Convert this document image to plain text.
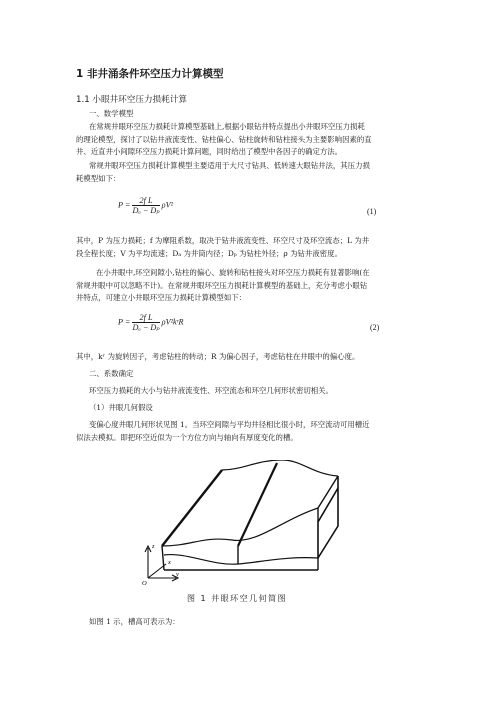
1 非井涌条件环空压力计算模型
1.1 小眼井环空压力损耗计算
一、数学模型
在常规井眼环空压力损耗计算模型基础上,根据小眼钻井特点提出小井眼环空压力损耗
的理论模型，探讨了以钻井液流变性、钻柱偏心、钻柱旋转和钻柱接头为主要影响因素的直
井、近直井小间隙环空压力损耗计算问题，同时给出了模型中各因子的确定方法。
常规井眼环空压力损耗计算模型主要适用于大尺寸钻具、低转速大眼钻井法，其压力损
耗模型如下：
$P = \frac{\text{2f L}}{\text{Dₐ − Dₚ}} \rho V^2$
(1)
其中，P 为压力损耗；f 为摩阻系数，取决于钻井液流变性、环空尺寸及环空流态；L 为井
段全程长度；V 为平均流速；Dₐ 为井筒内径；Dₚ 为钻柱外径；ρ 为钻井液密度。
在小井眼中,环空间隙小,钻柱的偏心、旋转和钻柱接头对环空压力损耗有显著影响(在
常规井眼中可以忽略不计)。在常规井眼环空压力损耗计算模型的基础上，充分考虑小眼钻
井特点，可建立小井眼环空压力损耗计算模型如下：
$P = \frac{\text{2f L}}{\text{Dₐ − Dₚ}}$ ρV²kʳR
(2)
其中，kʳ 为旋转因子，考虑钻柱的转动；R 为偏心因子，考虑钻柱在井眼中的偏心度。
二、系数确定
环空压力损耗的大小与钻井液流变性、环空流态和环空几何形状密切相关。
（1）井眼几何假设
变偏心度井眼几何形状见图 1。当环空间隙与平均井径相比很小时，环空流动可用槽近
似法去模拟。即把环空近似为一个方位方向与轴向有厚度变化的槽。
z
x
y
O
图 1 井眼环空几何简图
如图 1 示，槽高可表示为：
